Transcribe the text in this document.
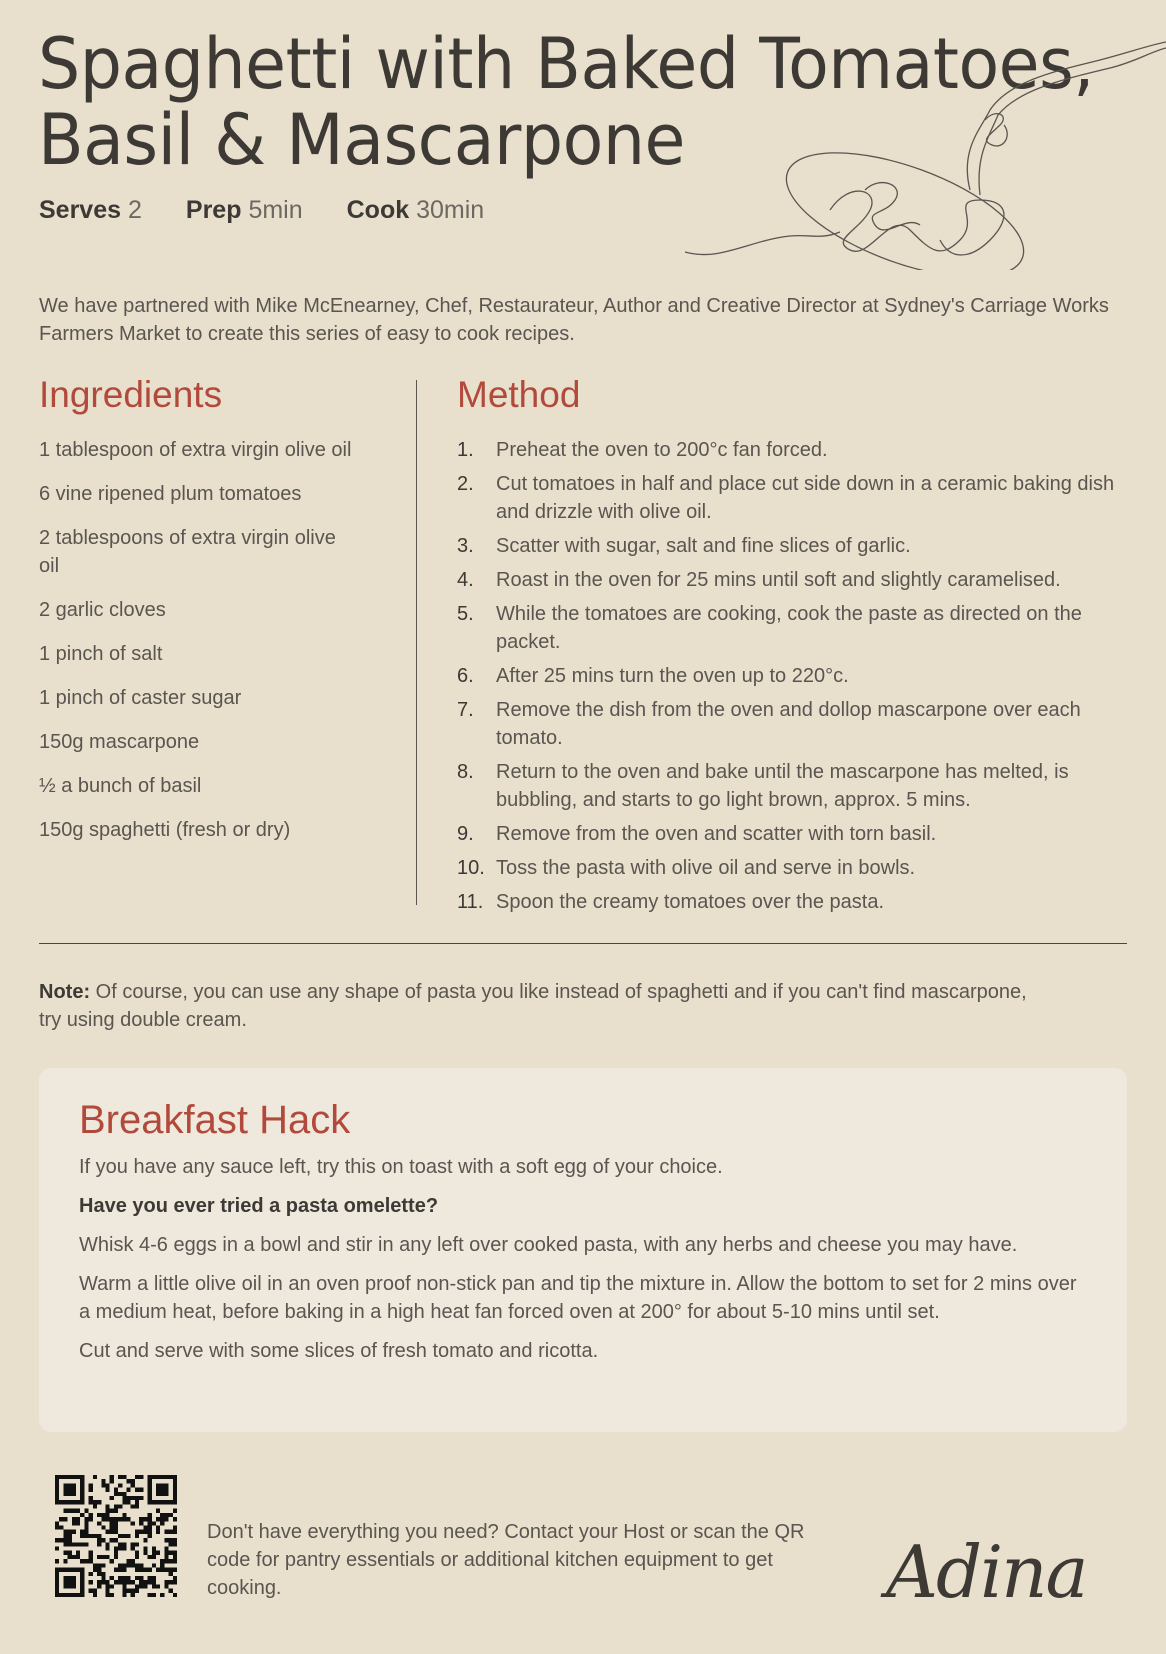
Spaghetti with Baked Tomatoes,
Basil & Mascarpone
Serves 2 Prep 5min Cook 30min

We have partnered with Mike McEnearney, Chef, Restaurateur, Author and Creative Director at Sydney's Carriage Works Farmers Market to create this series of easy to cook recipes.

Ingredients
1 tablespoon of extra virgin olive oil
6 vine ripened plum tomatoes
2 tablespoons of extra virgin olive oil
2 garlic cloves
1 pinch of salt
1 pinch of caster sugar
150g mascarpone
½ a bunch of basil
150g spaghetti (fresh or dry)
Method
1.	Preheat the oven to 200°c fan forced.
2.	Cut tomatoes in half and place cut side down in a ceramic baking dish and drizzle with olive oil.
3.	Scatter with sugar, salt and fine slices of garlic.
4.	Roast in the oven for 25 mins until soft and slightly caramelised.
5.	While the tomatoes are cooking, cook the paste as directed on the packet.
6.	After 25 mins turn the oven up to 220°c.
7.	Remove the dish from the oven and dollop mascarpone over each tomato.
8.	Return to the oven and bake until the mascarpone has melted, is bubbling, and starts to go light brown, approx. 5 mins.
9.	Remove from the oven and scatter with torn basil.
10. Toss the pasta with olive oil and serve in bowls.
11. Spoon the creamy tomatoes over the pasta.

Note: Of course, you can use any shape of pasta you like instead of spaghetti and if you can't find mascarpone, try using double cream.

Breakfast Hack

If you have any sauce left, try this on toast with a soft egg of your choice.

Have you ever tried a pasta omelette?

Whisk 4-6 eggs in a bowl and stir in any left over cooked pasta, with any herbs and cheese you may have.

Warm a little olive oil in an oven proof non-stick pan and tip the mixture in. Allow the bottom to set for 2 mins over a medium heat, before baking in a high heat fan forced oven at 200° for about 5-10 mins until set.

Cut and serve with some slices of fresh tomato and ricotta.

Don't have everything you need? Contact your Host or scan the QR code for pantry essentials or additional kitchen equipment to get cooking.	Adina
